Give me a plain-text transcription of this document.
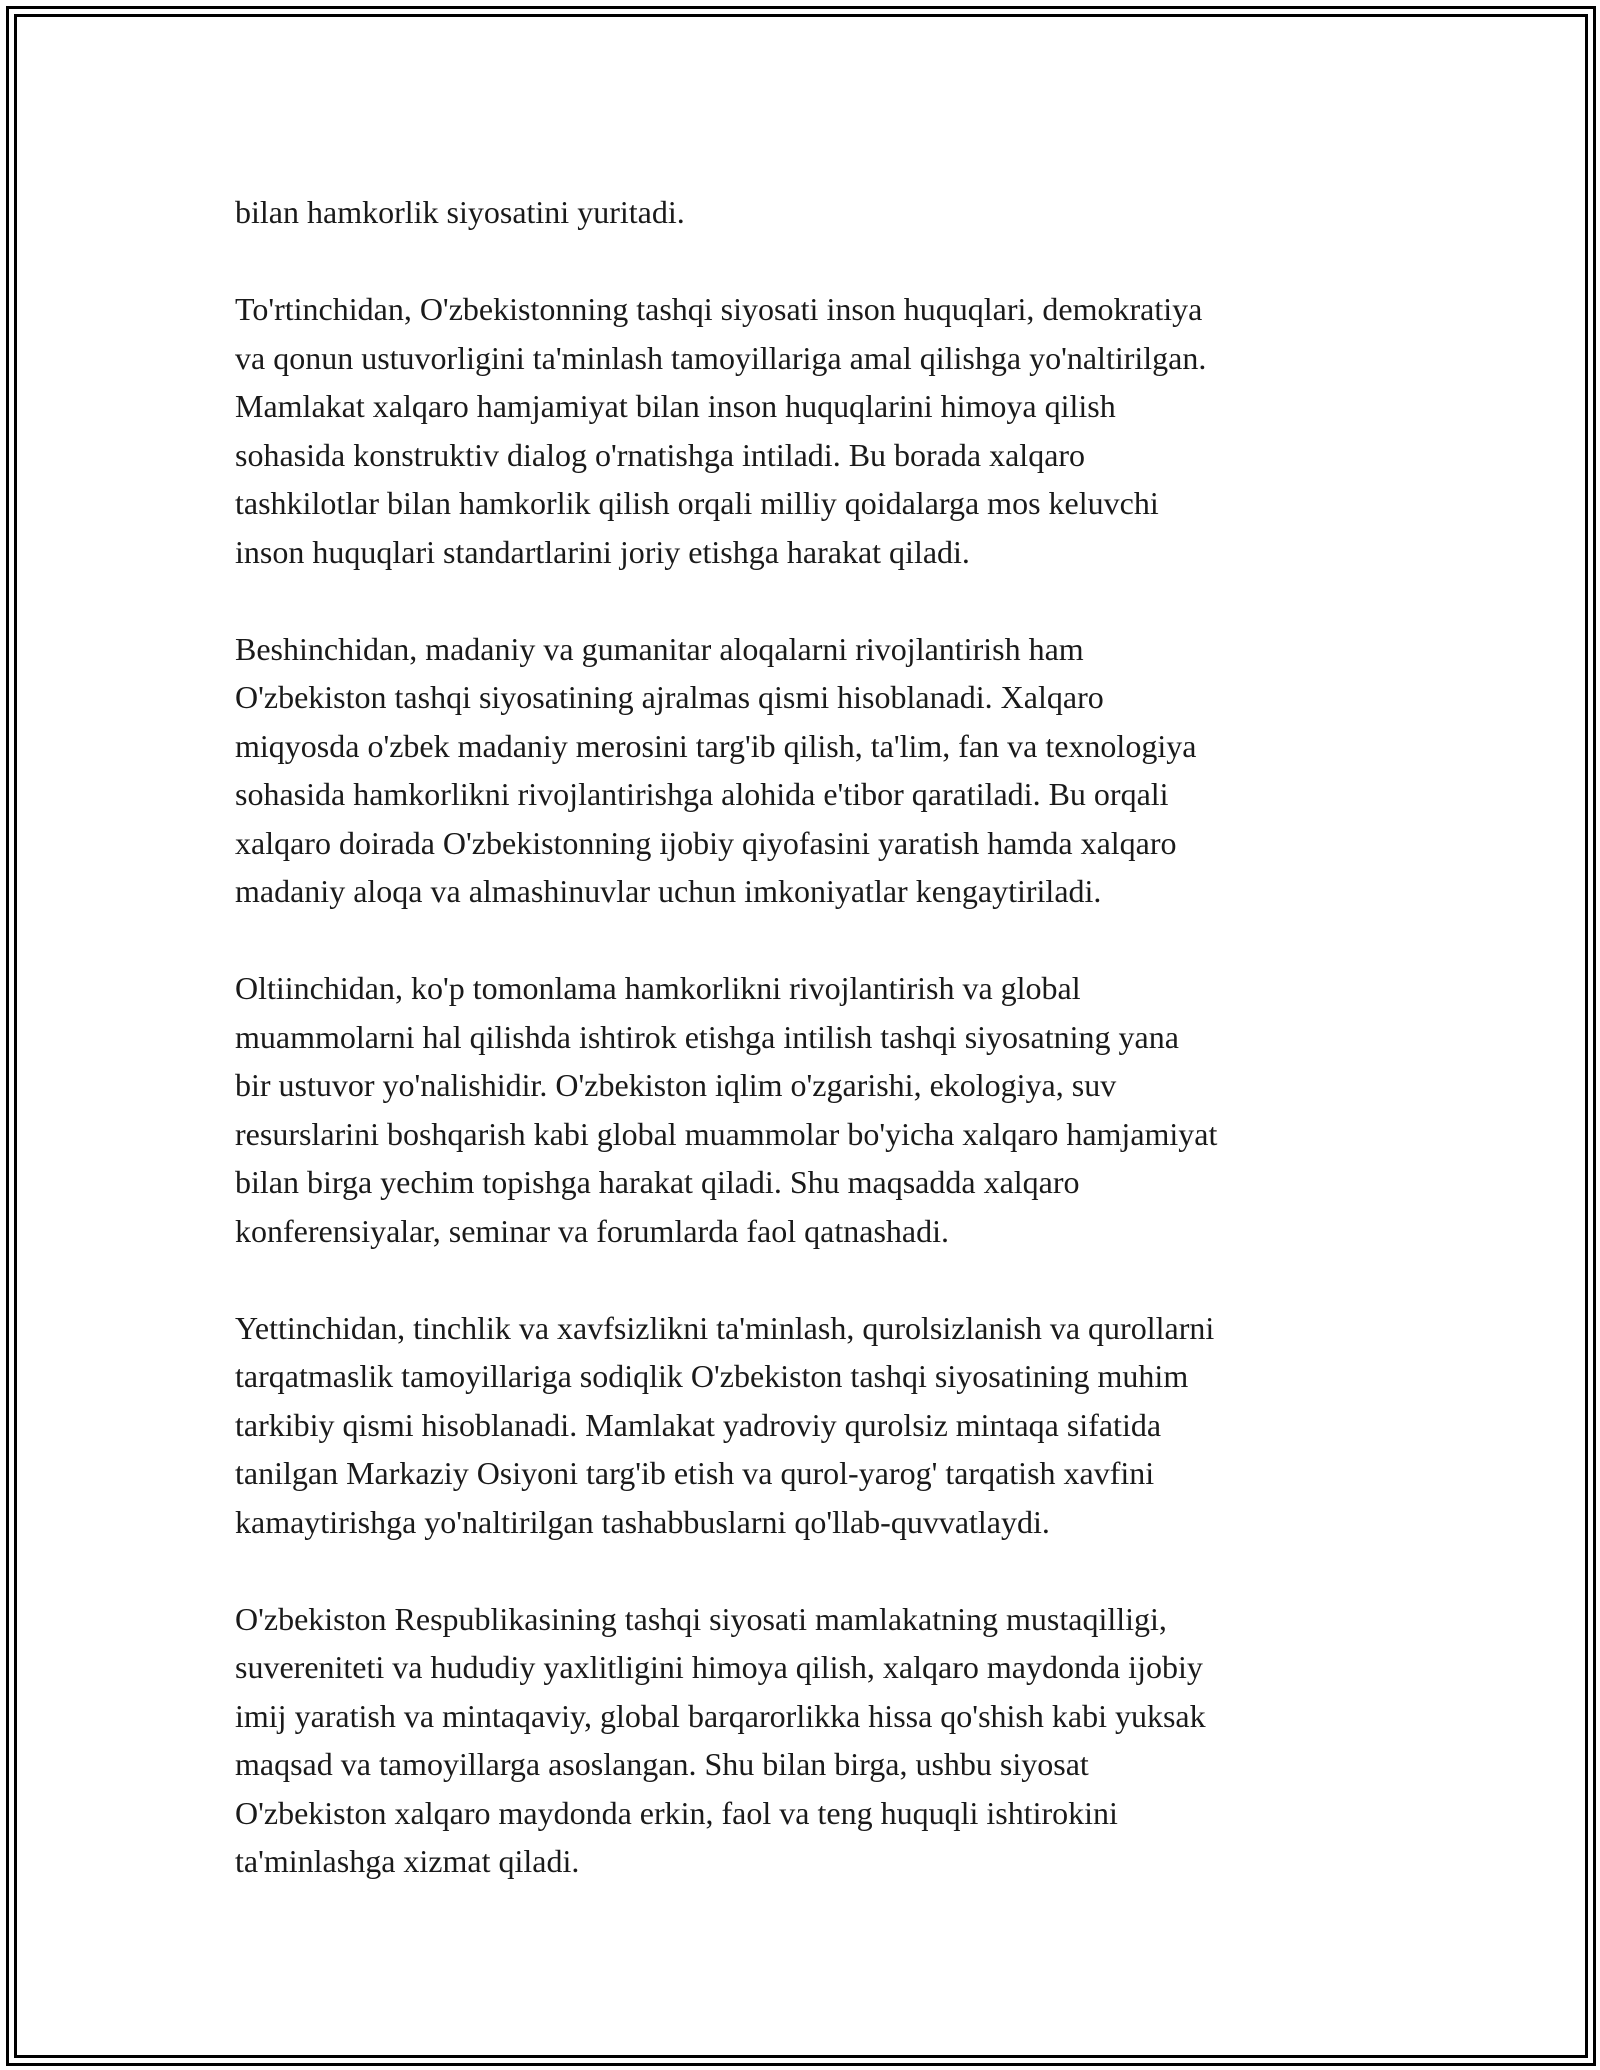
bilan hamkorlik siyosatini yuritadi.

To'rtinchidan, O'zbekistonning tashqi siyosati inson huquqlari, demokratiya
va qonun ustuvorligini ta'minlash tamoyillariga amal qilishga yo'naltirilgan.
Mamlakat xalqaro hamjamiyat bilan inson huquqlarini himoya qilish
sohasida konstruktiv dialog o'rnatishga intiladi. Bu borada xalqaro
tashkilotlar bilan hamkorlik qilish orqali milliy qoidalarga mos keluvchi
inson huquqlari standartlarini joriy etishga harakat qiladi.

Beshinchidan, madaniy va gumanitar aloqalarni rivojlantirish ham
O'zbekiston tashqi siyosatining ajralmas qismi hisoblanadi. Xalqaro
miqyosda o'zbek madaniy merosini targ'ib qilish, ta'lim, fan va texnologiya
sohasida hamkorlikni rivojlantirishga alohida e'tibor qaratiladi. Bu orqali
xalqaro doirada O'zbekistonning ijobiy qiyofasini yaratish hamda xalqaro
madaniy aloqa va almashinuvlar uchun imkoniyatlar kengaytiriladi.

Oltiinchidan, ko'p tomonlama hamkorlikni rivojlantirish va global
muammolarni hal qilishda ishtirok etishga intilish tashqi siyosatning yana
bir ustuvor yo'nalishidir. O'zbekiston iqlim o'zgarishi, ekologiya, suv
resurslarini boshqarish kabi global muammolar bo'yicha xalqaro hamjamiyat
bilan birga yechim topishga harakat qiladi. Shu maqsadda xalqaro
konferensiyalar, seminar va forumlarda faol qatnashadi.

Yettinchidan, tinchlik va xavfsizlikni ta'minlash, qurolsizlanish va qurollarni
tarqatmaslik tamoyillariga sodiqlik O'zbekiston tashqi siyosatining muhim
tarkibiy qismi hisoblanadi. Mamlakat yadroviy qurolsiz mintaqa sifatida
tanilgan Markaziy Osiyoni targ'ib etish va qurol-yarog' tarqatish xavfini
kamaytirishga yo'naltirilgan tashabbuslarni qo'llab-quvvatlaydi.

O'zbekiston Respublikasining tashqi siyosati mamlakatning mustaqilligi,
suvereniteti va hududiy yaxlitligini himoya qilish, xalqaro maydonda ijobiy
imij yaratish va mintaqaviy, global barqarorlikka hissa qo'shish kabi yuksak
maqsad va tamoyillarga asoslangan. Shu bilan birga, ushbu siyosat
O'zbekiston xalqaro maydonda erkin, faol va teng huquqli ishtirokini
ta'minlashga xizmat qiladi.
